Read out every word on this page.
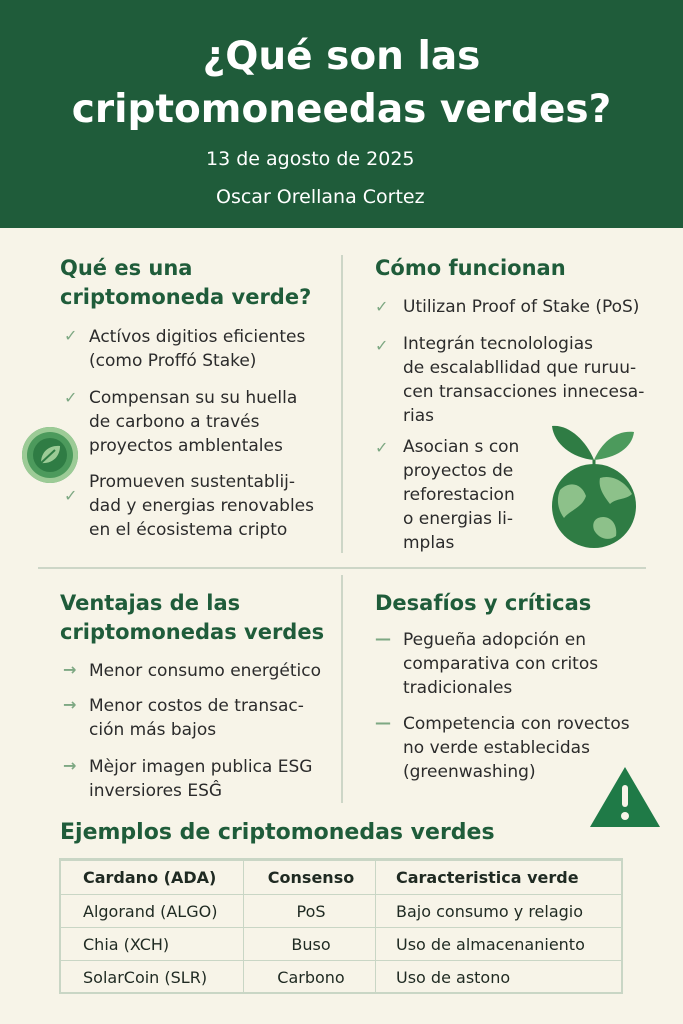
¿Qué son las criptomoneedas verdes?
13 de agosto de 2025
Oscar Orellana Cortez
Qué es una
criptomoneda verde?
✓ Actívos digitios eficientes
(como Proffó Stake)
✓ Compensan su su huella
de carbono a través
proyectos amblentales
✓
Promueven sustentablij-
dad y energias renovables
en el écosistema cripto
Cómo funcionan
✓ Utilizan Proof of Stake (PoS)
✓ Integrán tecnolologias
de escalabllidad que ruruu-
cen transacciones innecesa-
rias
✓ Asocian s con
proyectos de
reforestacion
o energias li-
mplas
Ventajas de las
criptomonedas verdes
→ Menor consumo energético
→ Menor costos de transac-
ción más bajos
→ Mèjor imagen publica ESG
inversiores ESĜ
Desafíos y críticas
— Pegueña adopción en
comparativa con critos
tradicionales
— Competencia con rovectos
no verde establecidas
(greenwashing)
Ejemplos de criptomonedas verdes
Cardano (ADA)	Consenso	Caracteristica verde
Algorand (ALGO)	PoS	Bajo consumo y relagio
Chia (XCH)	Buso	Uso de almacenaniento
SolarCoin (SLR)	Carbono	Uso de astono
